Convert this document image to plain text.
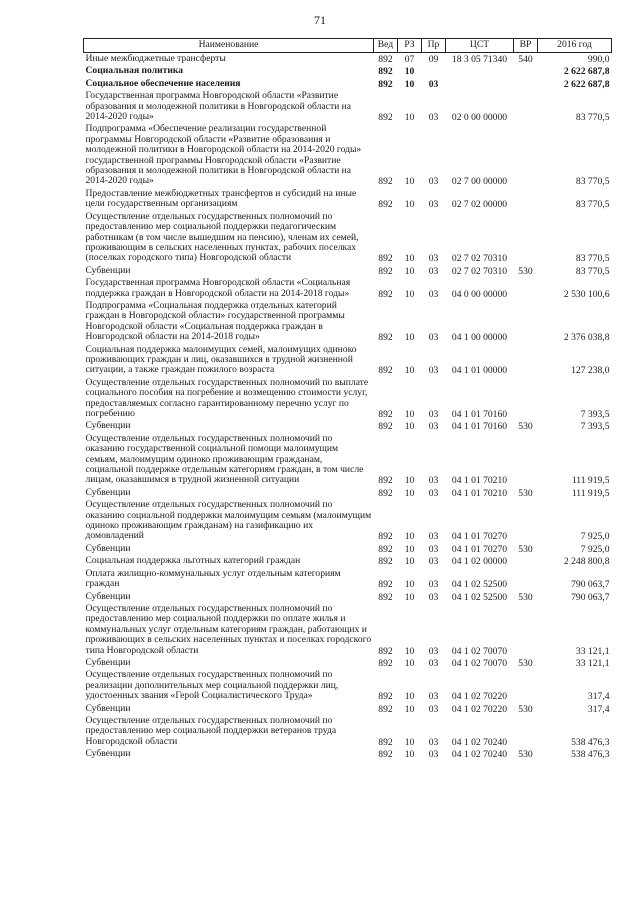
71
Наименование	Вед	РЗ	Пр	ЦСТ	ВР	2016 год
Иные межбюджетные трансферты	892	07	09	18 3 05 71340	540	990,0
Социальная политика	892	10				2 622 687,8
Социальное обеспечение населения	892	10	03			2 622 687,8
Государственная программа Новгородской области «Развитие образования и молодежной политики в Новгородской области на 2014-2020 годы»	892	10	03	02 0 00 00000		83 770,5
Подпрограмма «Обеспечение реализации государственной программы Новгородской области «Развитие образования и молодежной политики в Новгородской области на 2014-2020 годы» государственной программы Новгородской области «Развитие образования и молодежной политики в Новгородской области на 2014-2020 годы»	892	10	03	02 7 00 00000		83 770,5
Предоставление межбюджетных трансфертов и субсидий на иные цели государственным организациям	892	10	03	02 7 02 00000		83 770,5
Осуществление отдельных государственных полномочий по предоставлению мер социальной поддержки педагогическим работникам (в том числе вышедшим на пенсию), членам их семей, проживающим в сельских населенных пунктах, рабочих поселках (поселках городского типа) Новгородской области	892	10	03	02 7 02 70310		83 770,5
Субвенции	892	10	03	02 7 02 70310	530	83 770,5
Государственная программа Новгородской области «Социальная поддержка граждан в Новгородской области на 2014-2018 годы»	892	10	03	04 0 00 00000		2 530 100,6
Подпрограмма «Социальная поддержка отдельных категорий граждан в Новгородской области» государственной программы Новгородской области «Социальная поддержка граждан в Новгородской области на 2014-2018 годы»	892	10	03	04 1 00 00000		2 376 038,8
Социальная поддержка малоимущих семей, малоимущих одиноко проживающих граждан и лиц, оказавшихся в трудной жизненной ситуации, а также граждан пожилого возраста	892	10	03	04 1 01 00000		127 238,0
Осуществление отдельных государственных полномочий по выплате социального пособия на погребение и возмещению стоимости услуг, предоставляемых согласно гарантированному перечню услуг по погребению	892	10	03	04 1 01 70160		7 393,5
Субвенции	892	10	03	04 1 01 70160	530	7 393,5
Осуществление отдельных государственных полномочий по оказанию государственной социальной помощи малоимущим семьям, малоимущим одиноко проживающим гражданам, социальной поддержке отдельным категориям граждан, в том числе лицам, оказавшимся в трудной жизненной ситуации	892	10	03	04 1 01 70210		111 919,5
Субвенции	892	10	03	04 1 01 70210	530	111 919,5
Осуществление отдельных государственных полномочий по оказанию социальной поддержки малоимущим семьям (малоимущим одиноко проживающим гражданам) на газификацию их домовладений	892	10	03	04 1 01 70270		7 925,0
Субвенции	892	10	03	04 1 01 70270	530	7 925,0
Социальная поддержка льготных категорий граждан	892	10	03	04 1 02 00000		2 248 800,8
Оплата жилищно-коммунальных услуг отдельным категориям граждан	892	10	03	04 1 02 52500		790 063,7
Субвенции	892	10	03	04 1 02 52500	530	790 063,7
Осуществление отдельных государственных полномочий по предоставлению мер социальной поддержки по оплате жилья и коммунальных услуг отдельным категориям граждан, работающих и проживающих в сельских населенных пунктах и поселках городского типа Новгородской области	892	10	03	04 1 02 70070		33 121,1
Субвенции	892	10	03	04 1 02 70070	530	33 121,1
Осуществление отдельных государственных полномочий по реализации дополнительных мер социальной поддержки лиц, удостоенных звания «Герой Социалистического Труда»	892	10	03	04 1 02 70220		317,4
Субвенции	892	10	03	04 1 02 70220	530	317,4
Осуществление отдельных государственных полномочий по предоставлению мер социальной поддержки ветеранов труда Новгородской области	892	10	03	04 1 02 70240		538 476,3
Субвенции	892	10	03	04 1 02 70240	530	538 476,3
